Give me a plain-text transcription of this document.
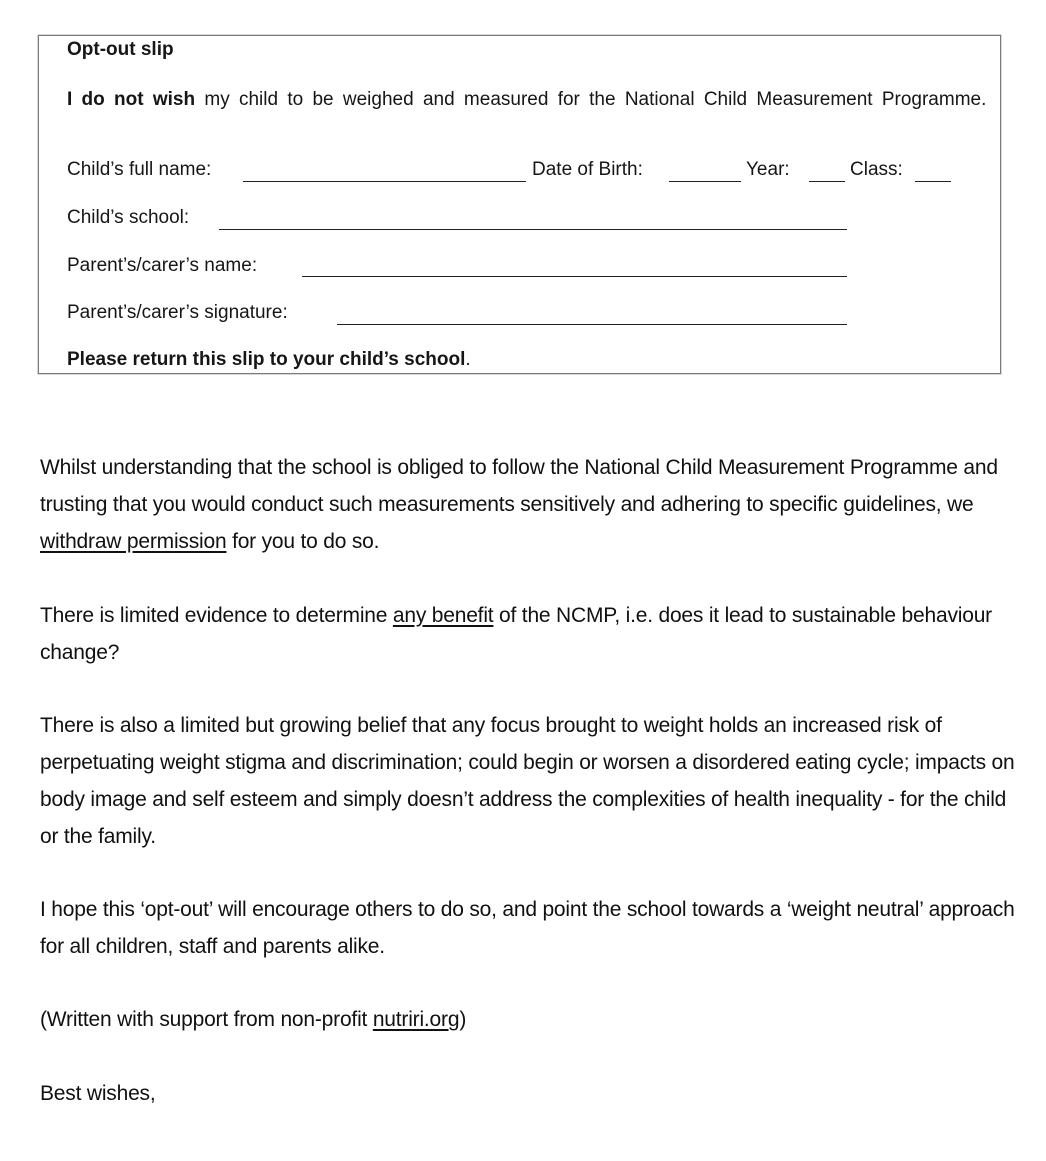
Opt-out slip
I do not wish my child to be weighed and measured for the National Child Measurement Programme.
Child’s full name:	Date of Birth:	Year:	Class:
Child’s school:
Parent’s/carer’s name:
Parent’s/carer’s signature:
Please return this slip to your child’s school.
Whilst understanding that the school is obliged to follow the National Child Measurement Programme and trusting that you would conduct such measurements sensitively and adhering to specific guidelines, we withdraw permission for you to do so.
There is limited evidence to determine any benefit of the NCMP, i.e. does it lead to sustainable behaviour change?
There is also a limited but growing belief that any focus brought to weight holds an increased risk of perpetuating weight stigma and discrimination; could begin or worsen a disordered eating cycle; impacts on body image and self esteem and simply doesn’t address the complexities of health inequality - for the child or the family.
I hope this ‘opt-out’ will encourage others to do so, and point the school towards a ‘weight neutral’ approach for all children, staff and parents alike.
(Written with support from non-profit nutriri.org)
Best wishes,
